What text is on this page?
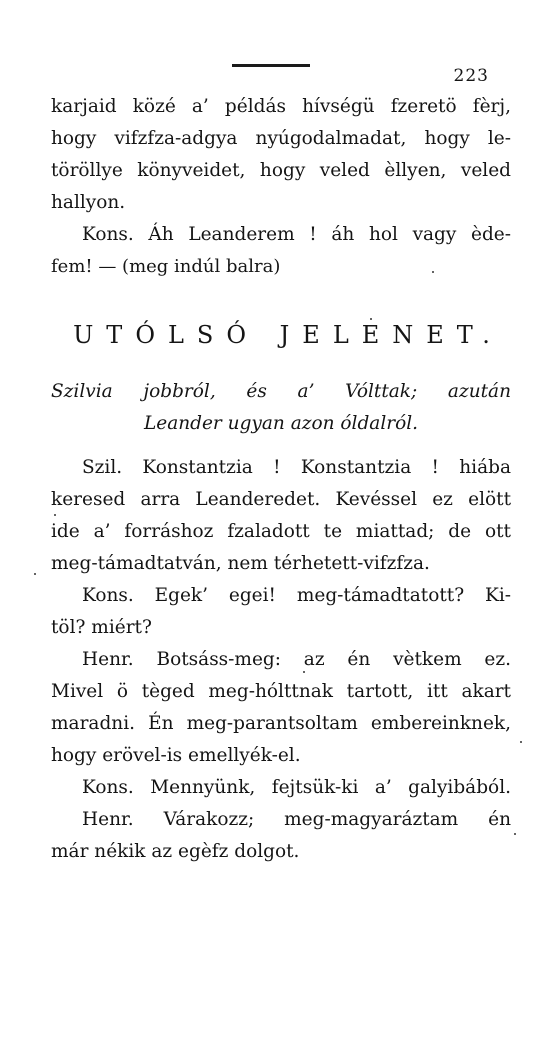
223
karjaid közé a’ példás hívségü fzeretö fèrj,
hogy vifzfza-adgya nyúgodalmadat, hogy le-
töröllye könyveidet, hogy veled èllyen, veled
hallyon.
Kons. Áh Leanderem ! áh hol vagy ède-
fem! — (meg indúl balra)
UTÓLSÓ JELENET.
Szilvia jobbról, és a’ Vólttak; azután
Leander ugyan azon óldalról.
Szil. Konstantzia ! Konstantzia ! hiába
keresed arra Leanderedet. Kevéssel ez elött
ide a’ forráshoz fzaladott te miattad; de ott
meg-támadtatván, nem térhetett-vifzfza.
Kons. Egek’ egei! meg-támadtatott? Ki-
töl? miért?
Henr. Botsáss-meg: az én vètkem ez.
Mivel ö tèged meg-hólttnak tartott, itt akart
maradni. Én meg-parantsoltam embereinknek,
hogy erövel-is emellyék-el.
Kons. Mennyünk, fejtsük-ki a’ galyibából.
Henr. Várakozz; meg-magyaráztam én
már nékik az egèfz dolgot.
